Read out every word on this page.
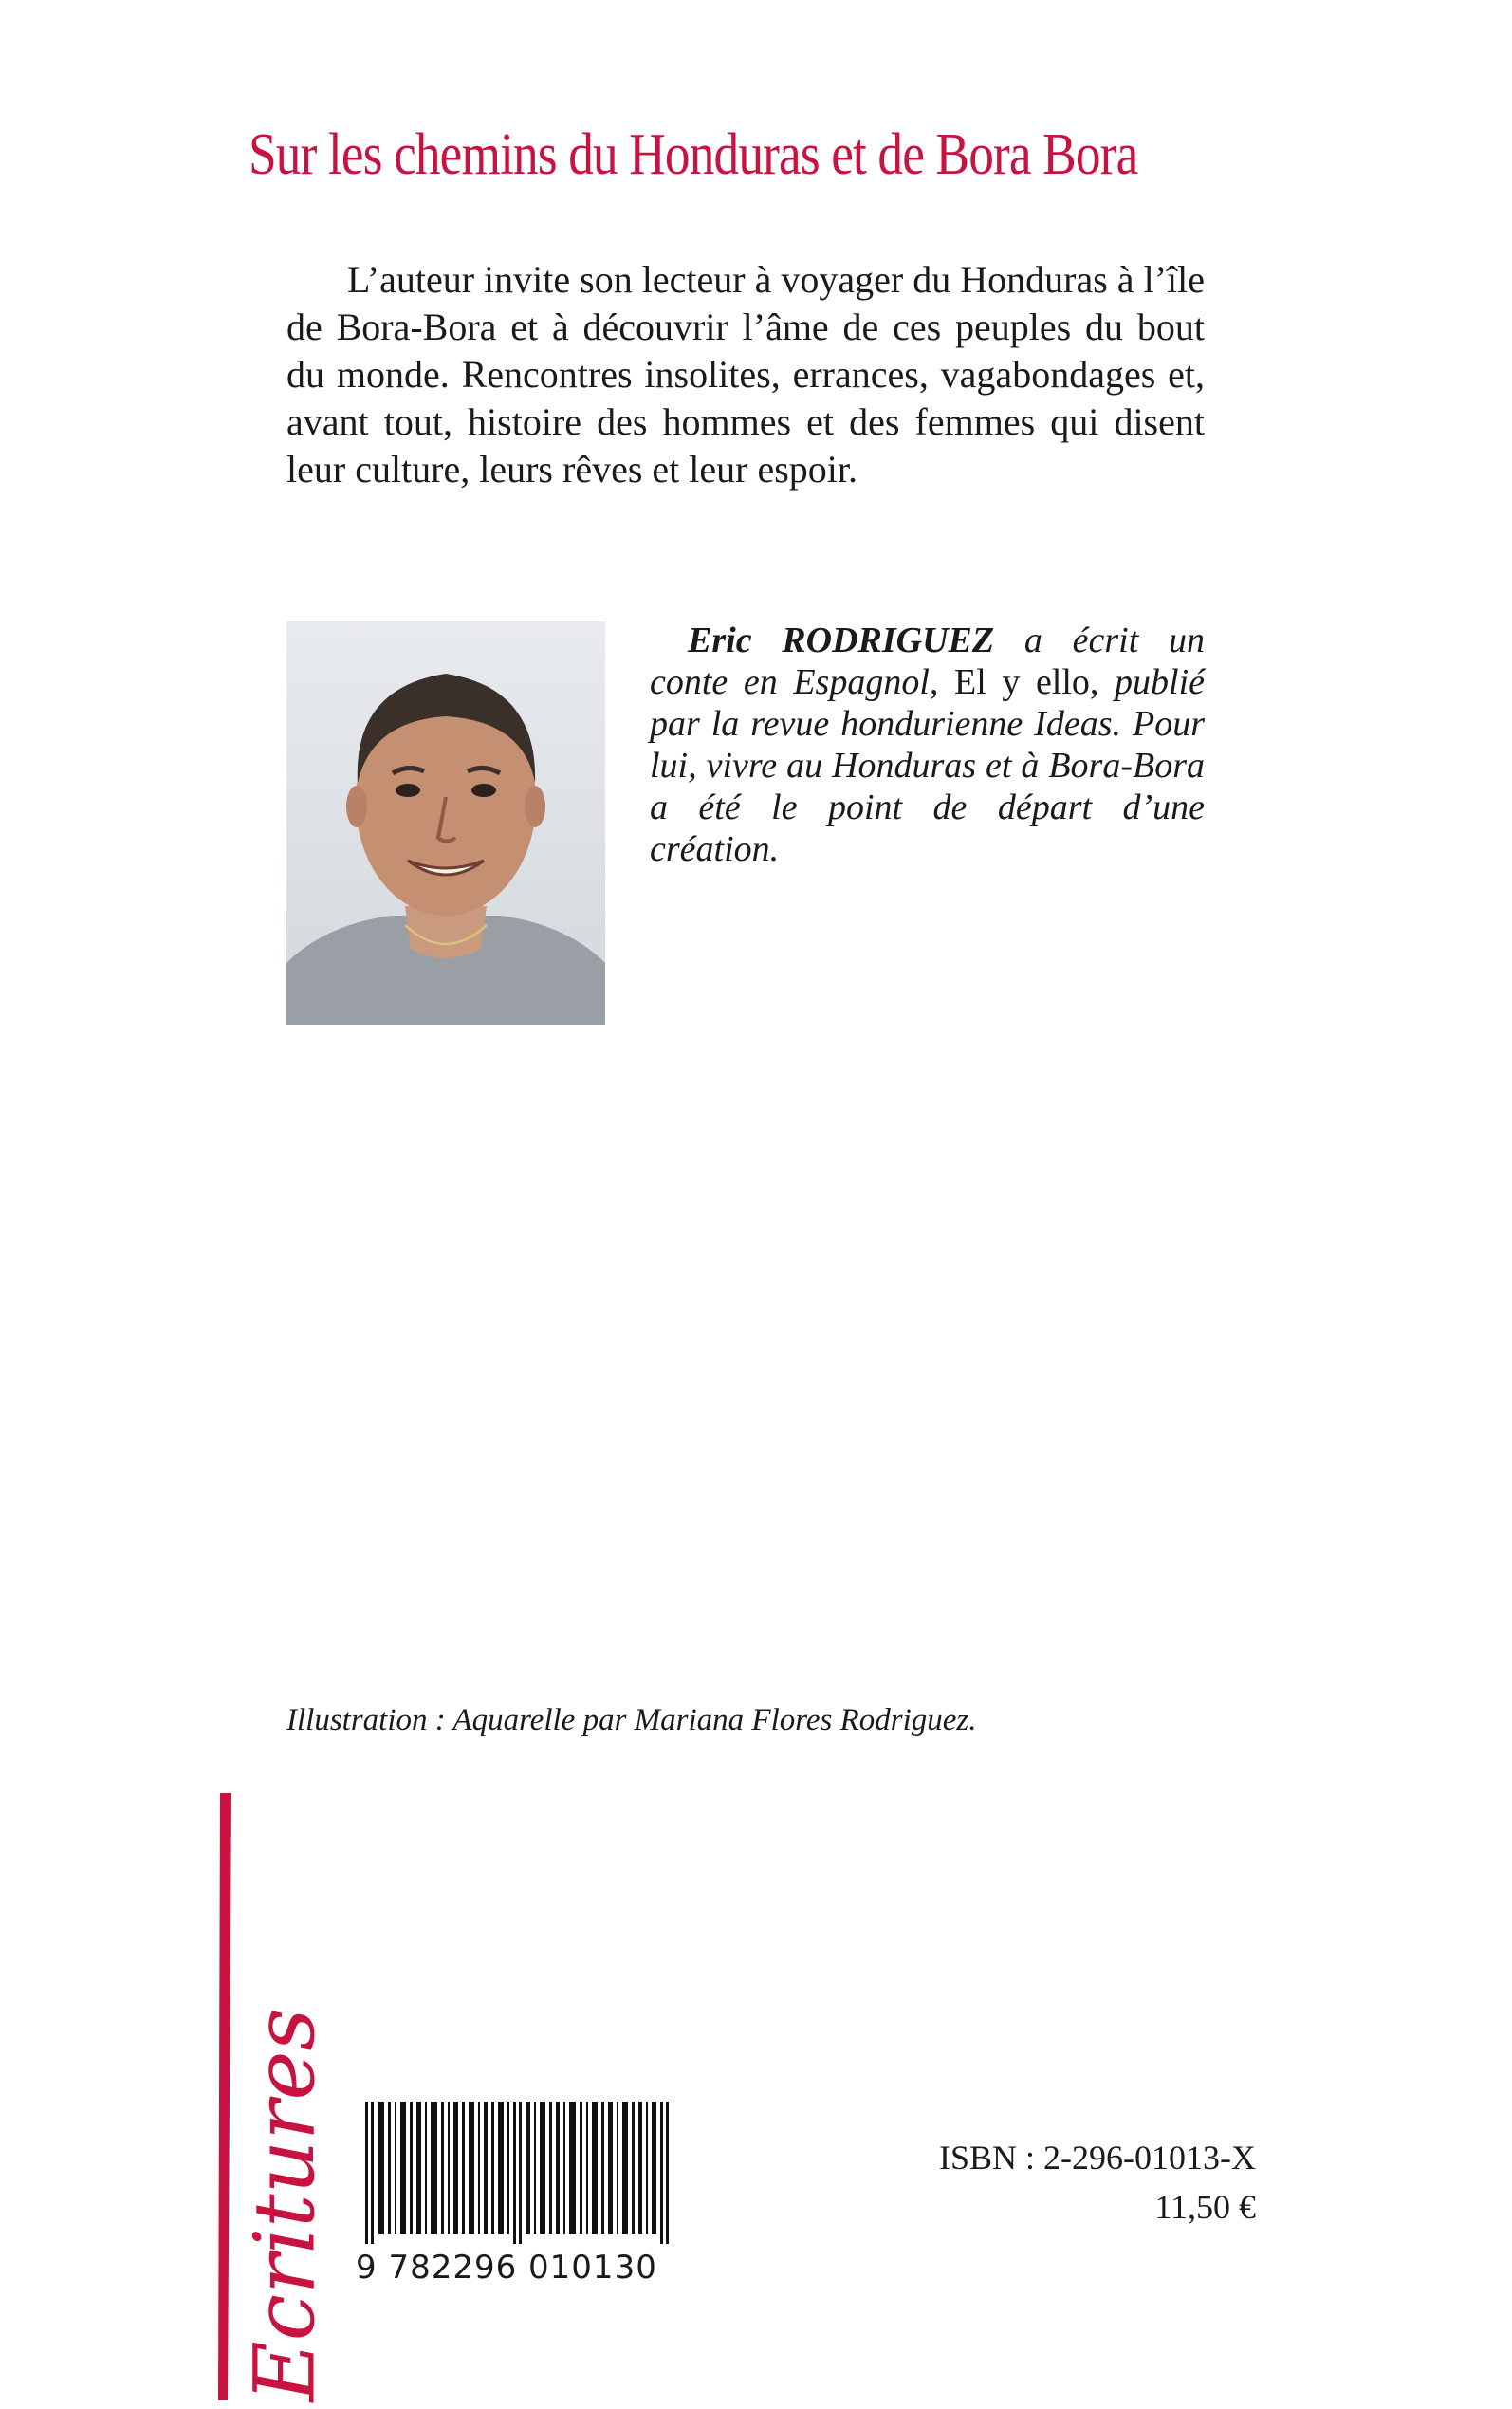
Sur les chemins du Honduras et de Bora Bora
L’auteur invite son lecteur à voyager du Honduras à l’île de Bora-Bora et à découvrir l’âme de ces peuples du bout du monde. Rencontres insolites, errances, vagabondages et, avant tout, histoire des hommes et des femmes qui disent leur culture, leurs rêves et leur espoir.
Eric RODRIGUEZ a écrit un conte en Espagnol, El y ello, publié par la revue hondurienne Ideas. Pour lui, vivre au Honduras et à Bora-Bora a été le point de départ d’une création.
Illustration : Aquarelle par Mariana Flores Rodriguez.
Ecritures 9 782296 010130
ISBN : 2-296-01013-X
11,50 €
